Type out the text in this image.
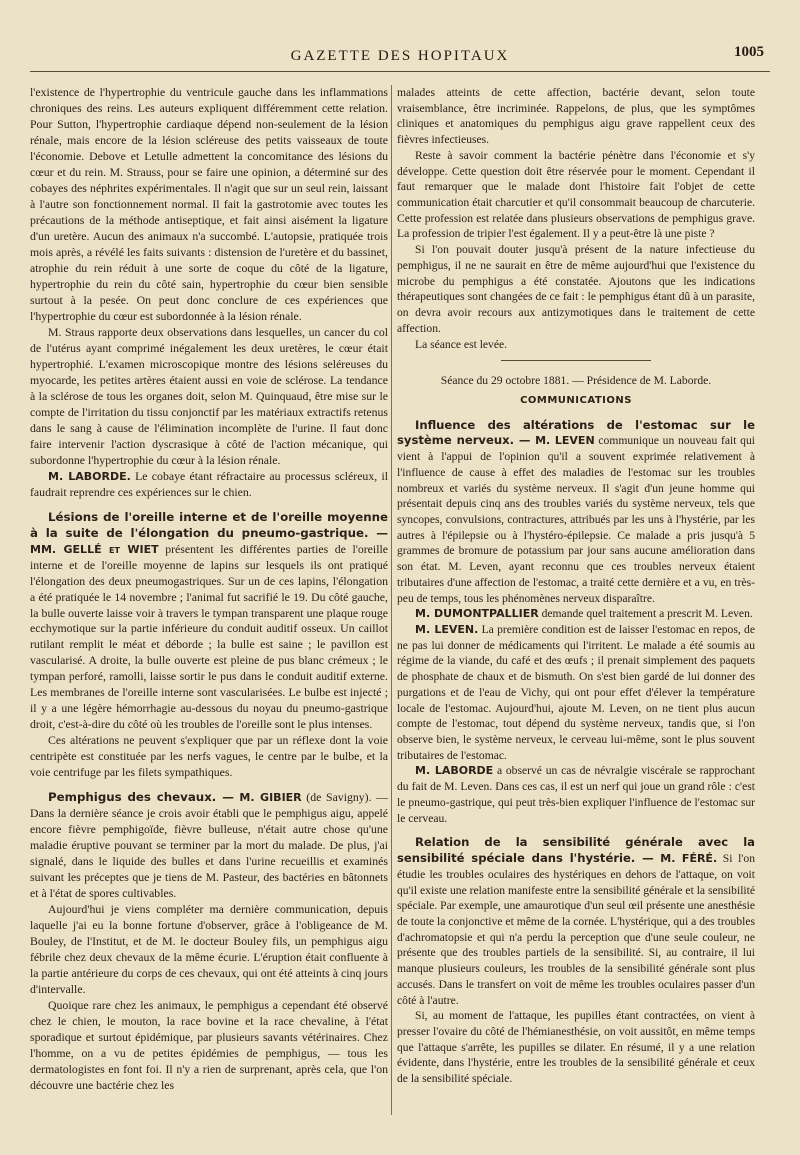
GAZETTE DES HOPITAUX	1005

l'existence de l'hypertrophie du ventricule gauche dans les inflammations chroniques des reins. Les auteurs expliquent différemment cette relation. Pour Sutton, l'hypertrophie cardiaque dépend non-seulement de la lésion rénale, mais encore de la lésion scléreuse des petits vaisseaux de toute l'économie. Debove et Letulle admettent la concomitance des lésions du cœur et du rein. M. Strauss, pour se faire une opinion, a déterminé sur des cobayes des néphrites expérimentales. Il n'agit que sur un seul rein, laissant à l'autre son fonctionnement normal. Il fait la gastrotomie avec toutes les précautions de la méthode antiseptique, et fait ainsi aisément la ligature d'un uretère. Aucun des animaux n'a succombé. L'autopsie, pratiquée trois mois après, a révélé les faits suivants : distension de l'uretère et du bassinet, atrophie du rein réduit à une sorte de coque du côté de la ligature, hypertrophie du rein du côté sain, hypertrophie du cœur bien sensible surtout à la pesée. On peut donc conclure de ces expériences que l'hypertrophie du cœur est subordonnée à la lésion rénale.

M. Straus rapporte deux observations dans lesquelles, un cancer du col de l'utérus ayant comprimé inégalement les deux uretères, le cœur était hypertrophié. L'examen microscopique montre des lésions seléreuses du myocarde, les petites artères étaient aussi en voie de sclérose. La tendance à la sclérose de tous les organes doit, selon M. Quinquaud, être mise sur le compte de l'irritation du tissu conjonctif par les matériaux extractifs retenus dans le sang à cause de l'élimination incomplète de l'urine. Il faut donc faire intervenir l'action dyscrasique à côté de l'action mécanique, qui subordonne l'hypertrophie du cœur à la lésion rénale.

M. LABORDE. Le cobaye étant réfractaire au processus scléreux, il faudrait reprendre ces expériences sur le chien.

Lésions de l'oreille interne et de l'oreille moyenne à la suite de l'élongation du pneumo-gastrique. — MM. GELLÉ et WIET présentent les différentes parties de l'oreille interne et de l'oreille moyenne de lapins sur lesquels ils ont pratiqué l'élongation des deux pneumogastriques. Sur un de ces lapins, l'élongation a été pratiquée le 14 novembre ; l'animal fut sacrifié le 19. Du côté gauche, la bulle ouverte laisse voir à travers le tympan transparent une plaque rouge ecchymotique sur la partie inférieure du conduit auditif osseux. Un caillot rutilant remplit le méat et déborde ; la bulle est saine ; le pavillon est vascularisé. A droite, la bulle ouverte est pleine de pus blanc crémeux ; le tympan perforé, ramolli, laisse sortir le pus dans le conduit auditif externe. Les membranes de l'oreille interne sont vascularisées. Le bulbe est injecté ; il y a une légère hémorrhagie au-dessous du noyau du pneumo-gastrique droit, c'est-à-dire du côté où les troubles de l'oreille sont le plus intenses.

Ces altérations ne peuvent s'expliquer que par un réflexe dont la voie centripète est constituée par les nerfs vagues, le centre par le bulbe, et la voie centrifuge par les filets sympathiques.

Pemphigus des chevaux. — M. GIBIER (de Savigny). — Dans la dernière séance je crois avoir établi que le pemphigus aigu, appelé encore fièvre pemphigoïde, fièvre bulleuse, n'était autre chose qu'une maladie éruptive pouvant se terminer par la mort du malade. De plus, j'ai signalé, dans le liquide des bulles et dans l'urine recueillis et examinés suivant les préceptes que je tiens de M. Pasteur, des bactéries en bâtonnets et à l'état de spores cultivables.

Aujourd'hui je viens compléter ma dernière communication, depuis laquelle j'ai eu la bonne fortune d'observer, grâce à l'obligeance de M. Bouley, de l'Institut, et de M. le docteur Bouley fils, un pemphigus aigu fébrile chez deux chevaux de la même écurie. L'éruption était confluente à la partie antérieure du corps de ces chevaux, qui ont été atteints à cinq jours d'intervalle.

Quoique rare chez les animaux, le pemphigus a cependant été observé chez le chien, le mouton, la race bovine et la race chevaline, à l'état sporadique et surtout épidémique, par plusieurs savants vétérinaires. Chez l'homme, on a vu de petites épidémies de pemphigus, — tous les dermatologistes en font foi. Il n'y a rien de surprenant, après cela, que l'on découvre une bactérie chez les

malades atteints de cette affection, bactérie devant, selon toute vraisemblance, être incriminée. Rappelons, de plus, que les symptômes cliniques et anatomiques du pemphigus aigu grave rappellent ceux des fièvres infectieuses.

Reste à savoir comment la bactérie pénètre dans l'économie et s'y développe. Cette question doit être réservée pour le moment. Cependant il faut remarquer que le malade dont l'histoire fait l'objet de cette communication était charcutier et qu'il consommait beaucoup de charcuterie. Cette profession est relatée dans plusieurs observations de pemphigus grave. La profession de tripier l'est également. Il y a peut-être là une piste ?

Si l'on pouvait douter jusqu'à présent de la nature infectieuse du pemphigus, il ne ne saurait en être de même aujourd'hui que l'existence du microbe du pemphigus a été constatée. Ajoutons que les indications thérapeutiques sont changées de ce fait : le pemphigus étant dû à un parasite, on devra avoir recours aux antizymotiques dans le traitement de cette affection.

La séance est levée.

Séance du 29 octobre 1881. — Présidence de M. Laborde.

COMMUNICATIONS
Influence des altérations de l'estomac sur le système nerveux. — M. LEVEN communique un nouveau fait qui vient à l'appui de l'opinion qu'il a souvent exprimée relativement à l'influence de cause à effet des maladies de l'estomac sur les troubles nombreux et variés du système nerveux. Il s'agit d'un jeune homme qui présentait depuis cinq ans des troubles variés du système nerveux, tels que syncopes, convulsions, contractures, attribués par les uns à l'hystérie, par les autres à l'épilepsie ou à l'hystéro-épilepsie. Ce malade a pris jusqu'à 5 grammes de bromure de potassium par jour sans aucune amélioration dans son état. M. Leven, ayant reconnu que ces troubles nerveux étaient tributaires d'une affection de l'estomac, a traité cette dernière et a vu, en très-peu de temps, tous les phénomènes nerveux disparaître.

M. DUMONTPALLIER demande quel traitement a prescrit M. Leven.

M. LEVEN. La première condition est de laisser l'estomac en repos, de ne pas lui donner de médicaments qui l'irritent. Le malade a été soumis au régime de la viande, du café et des œufs ; il prenait simplement des paquets de phosphate de chaux et de bismuth. On s'est bien gardé de lui donner des purgations et de l'eau de Vichy, qui ont pour effet d'élever la température locale de l'estomac. Aujourd'hui, ajoute M. Leven, on ne tient plus aucun compte de l'estomac, tout dépend du système nerveux, tandis que, si l'on observe bien, le système nerveux, le cerveau lui-même, sont le plus souvent tributaires de l'estomac.

M. LABORDE a observé un cas de névralgie viscérale se rapprochant du fait de M. Leven. Dans ces cas, il est un nerf qui joue un grand rôle : c'est le pneumo-gastrique, qui peut très-bien expliquer l'influence de l'estomac sur le cerveau.

Relation de la sensibilité générale avec la sensibilité spéciale dans l'hystérie. — M. FÉRÉ. Si l'on étudie les troubles oculaires des hystériques en dehors de l'attaque, on voit qu'il existe une relation manifeste entre la sensibilité générale et la sensibilité spéciale. Par exemple, une amaurotique d'un seul œil présente une anesthésie de toute la conjonctive et même de la cornée. L'hystérique, qui a des troubles d'achromatopsie et qui n'a perdu la perception que d'une seule couleur, ne présente que des troubles partiels de la sensibilité. Si, au contraire, il lui manque plusieurs couleurs, les troubles de la sensibilité générale sont plus accusés. Dans le transfert on voit de même les troubles oculaires passer d'un côté à l'autre.

Si, au moment de l'attaque, les pupilles étant contractées, on vient à presser l'ovaire du côté de l'hémianesthésie, on voit aussitôt, en même temps que l'attaque s'arrête, les pupilles se dilater. En résumé, il y a une relation évidente, dans l'hystérie, entre les troubles de la sensibilité générale et ceux de la sensibilité spéciale.
